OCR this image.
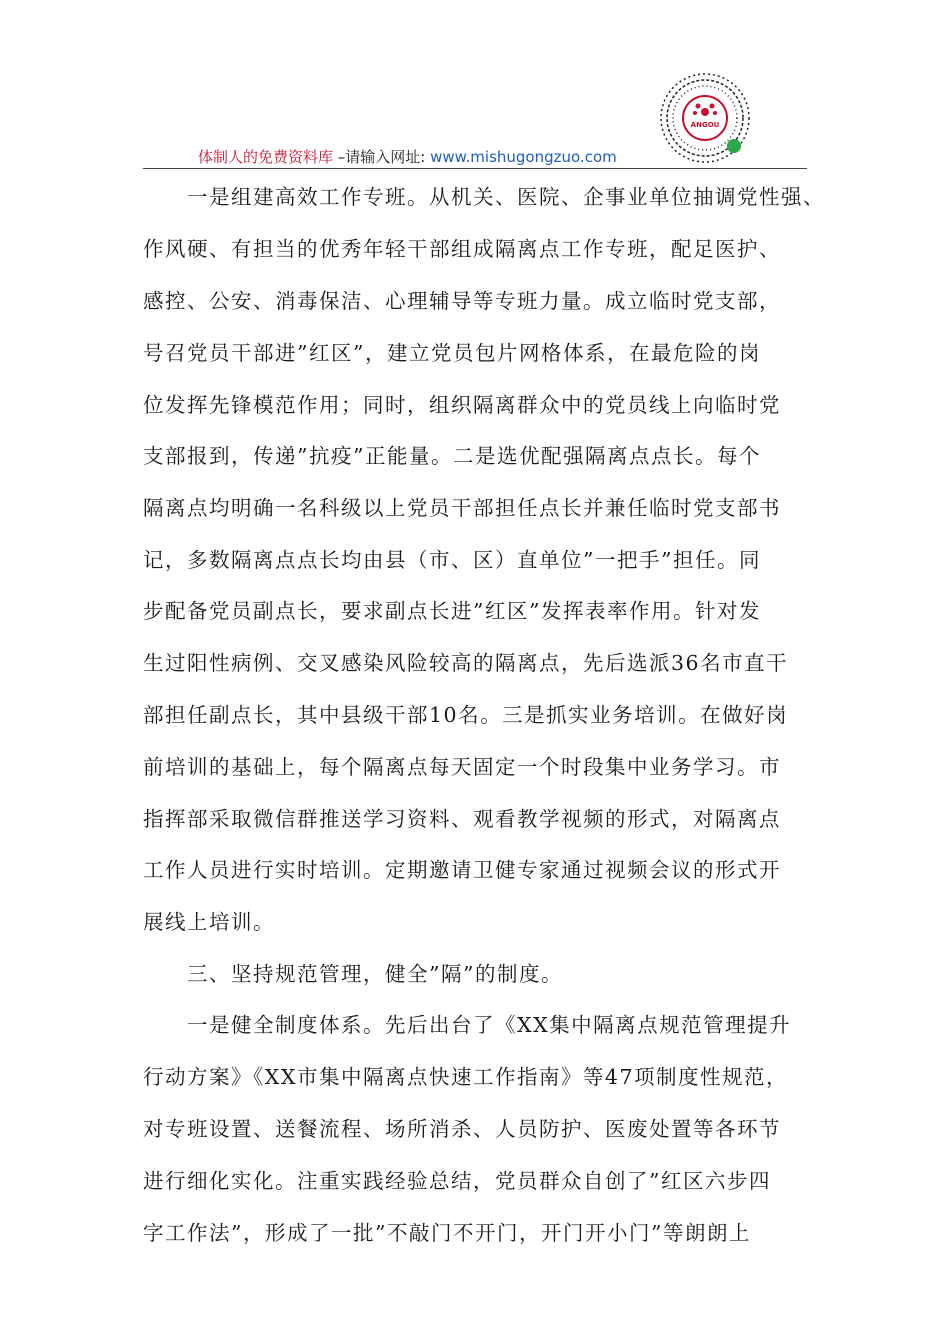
ANGOU
体制人的免费资料库 –请输入网址: www.mishugongzuo.com
　　一是组建高效工作专班。从机关、医院、企事业单位抽调党性强、
作风硬、有担当的优秀年轻干部组成隔离点工作专班，配足医护、
感控、公安、消毒保洁、心理辅导等专班力量。成立临时党支部，
号召党员干部进”红区”，建立党员包片网格体系，在最危险的岗
位发挥先锋模范作用；同时，组织隔离群众中的党员线上向临时党
支部报到，传递”抗疫”正能量。二是选优配强隔离点点长。每个
隔离点均明确一名科级以上党员干部担任点长并兼任临时党支部书
记，多数隔离点点长均由县（市、区）直单位”一把手”担任。同
步配备党员副点长，要求副点长进”红区”发挥表率作用。针对发
生过阳性病例、交叉感染风险较高的隔离点，先后选派36名市直干
部担任副点长，其中县级干部10名。三是抓实业务培训。在做好岗
前培训的基础上，每个隔离点每天固定一个时段集中业务学习。市
指挥部采取微信群推送学习资料、观看教学视频的形式，对隔离点
工作人员进行实时培训。定期邀请卫健专家通过视频会议的形式开
展线上培训。
　　三、坚持规范管理，健全”隔”的制度。
　　一是健全制度体系。先后出台了《XX集中隔离点规范管理提升
行动方案》《XX市集中隔离点快速工作指南》等47项制度性规范，
对专班设置、送餐流程、场所消杀、人员防护、医废处置等各环节
进行细化实化。注重实践经验总结，党员群众自创了”红区六步四
字工作法”，形成了一批”不敲门不开门，开门开小门”等朗朗上
